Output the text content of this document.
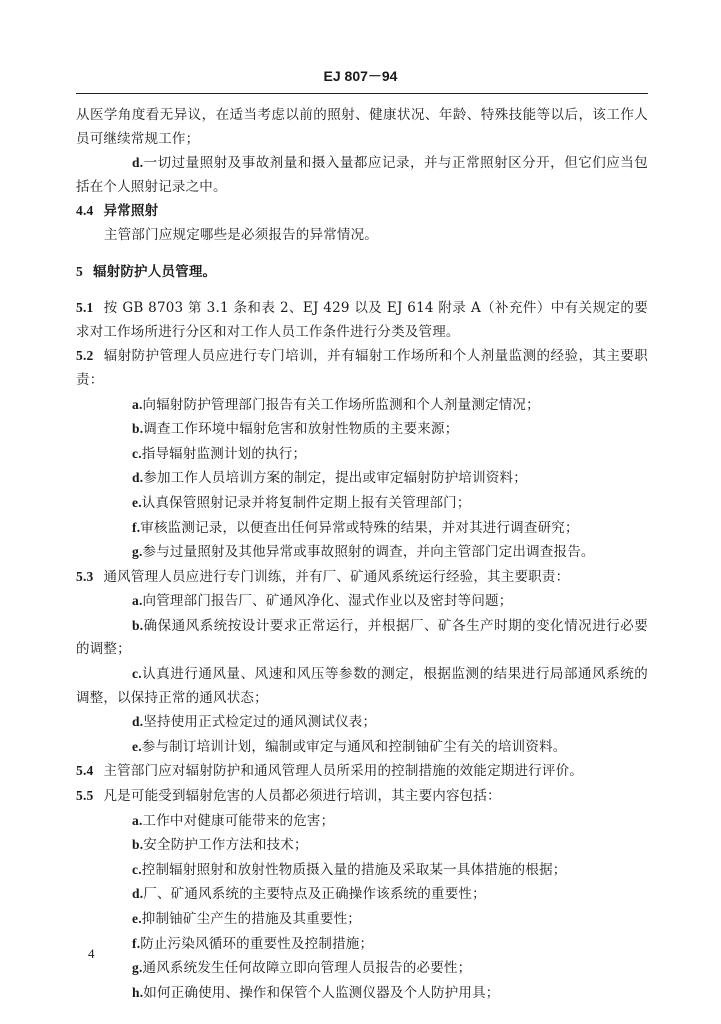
EJ 807－94

从医学角度看无异议，在适当考虑以前的照射、健康状况、年龄、特殊技能等以后，该工作人员可继续常规工作；

d.一切过量照射及事故剂量和摄入量都应记录，并与正常照射区分开，但它们应当包括在个人照射记录之中。

4.4 异常照射

主管部门应规定哪些是必须报告的异常情况。

5 辐射防护人员管理。

5.1 按 GB 8703 第 3.1 条和表 2、EJ 429 以及 EJ 614 附录 A（补充件）中有关规定的要求对工作场所进行分区和对工作人员工作条件进行分类及管理。

5.2 辐射防护管理人员应进行专门培训，并有辐射工作场所和个人剂量监测的经验，其主要职责：

a.向辐射防护管理部门报告有关工作场所监测和个人剂量测定情况；

b.调查工作环境中辐射危害和放射性物质的主要来源；

c.指导辐射监测计划的执行；

d.参加工作人员培训方案的制定，提出或审定辐射防护培训资料；

e.认真保管照射记录并将复制件定期上报有关管理部门；

f.审核监测记录，以便查出任何异常或特殊的结果，并对其进行调查研究；

g.参与过量照射及其他异常或事故照射的调查，并向主管部门定出调查报告。

5.3 通风管理人员应进行专门训练，并有厂、矿通风系统运行经验，其主要职责：

a.向管理部门报告厂、矿通风净化、湿式作业以及密封等问题；

b.确保通风系统按设计要求正常运行，并根据厂、矿各生产时期的变化情况进行必要的调整；

c.认真进行通风量、风速和风压等参数的测定，根据监测的结果进行局部通风系统的调整，以保持正常的通风状态；

d.坚持使用正式检定过的通风测试仪表；

e.参与制订培训计划，编制或审定与通风和控制铀矿尘有关的培训资料。

5.4 主管部门应对辐射防护和通风管理人员所采用的控制措施的效能定期进行评价。

5.5 凡是可能受到辐射危害的人员都必须进行培训，其主要内容包括：

a.工作中对健康可能带来的危害；

b.安全防护工作方法和技术；

c.控制辐射照射和放射性物质摄入量的措施及采取某一具体措施的根据；

d.厂、矿通风系统的主要特点及正确操作该系统的重要性；

e.抑制铀矿尘产生的措施及其重要性；

f.防止污染风循环的重要性及控制措施；

g.通风系统发生任何故障立即向管理人员报告的必要性；

h.如何正确使用、操作和保管个人监测仪器及个人防护用具；

4
